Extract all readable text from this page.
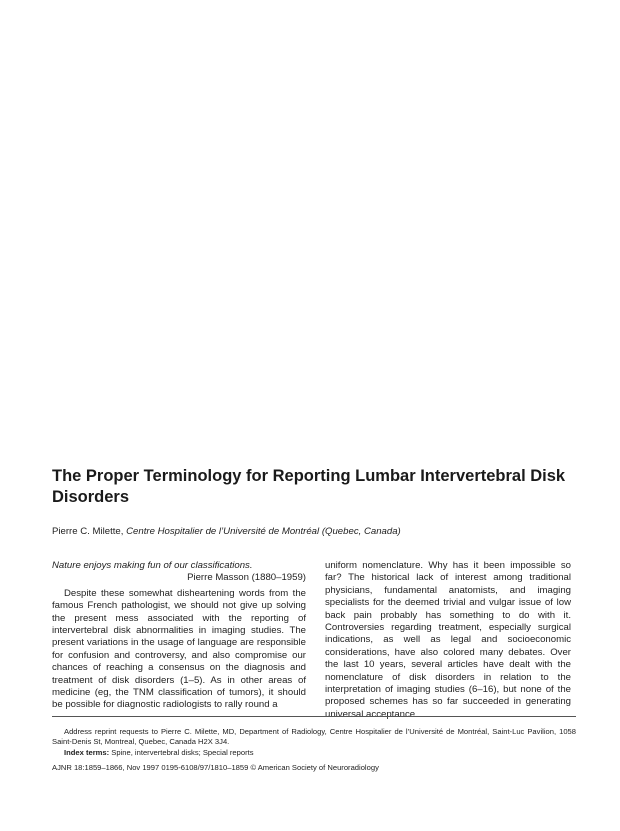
The Proper Terminology for Reporting Lumbar Intervertebral Disk Disorders
Pierre C. Milette, Centre Hospitalier de l’Université de Montréal (Quebec, Canada)

Nature enjoys making fun of our classifications.

Pierre Masson (1880–1959)

Despite these somewhat disheartening words from the famous French pathologist, we should not give up solving the present mess associated with the reporting of intervertebral disk abnormalities in imaging studies. The present variations in the usage of language are responsible for confusion and controversy, and also compromise our chances of reaching a consensus on the diagnosis and treatment of disk disorders (1–5). As in other areas of medicine (eg, the TNM classification of tumors), it should be possible for diagnostic radiologists to rally round a

uniform nomenclature. Why has it been impossible so far? The historical lack of interest among traditional physicians, fundamental anatomists, and imaging specialists for the deemed trivial and vulgar issue of low back pain probably has something to do with it. Controversies regarding treatment, especially surgical indications, as well as legal and socioeconomic considerations, have also colored many debates. Over the last 10 years, several articles have dealt with the nomenclature of disk disorders in relation to the interpretation of imaging studies (6–16), but none of the proposed schemes has so far succeeded in generating universal acceptance.

Address reprint requests to Pierre C. Milette, MD, Department of Radiology, Centre Hospitalier de l’Université de Montréal, Saint-Luc Pavilion, 1058 Saint-Denis St, Montreal, Quebec, Canada H2X 3J4.

Index terms: Spine, intervertebral disks; Special reports
AJNR 18:1859–1866, Nov 1997 0195-6108/97/1810–1859 © American Society of Neuroradiology
